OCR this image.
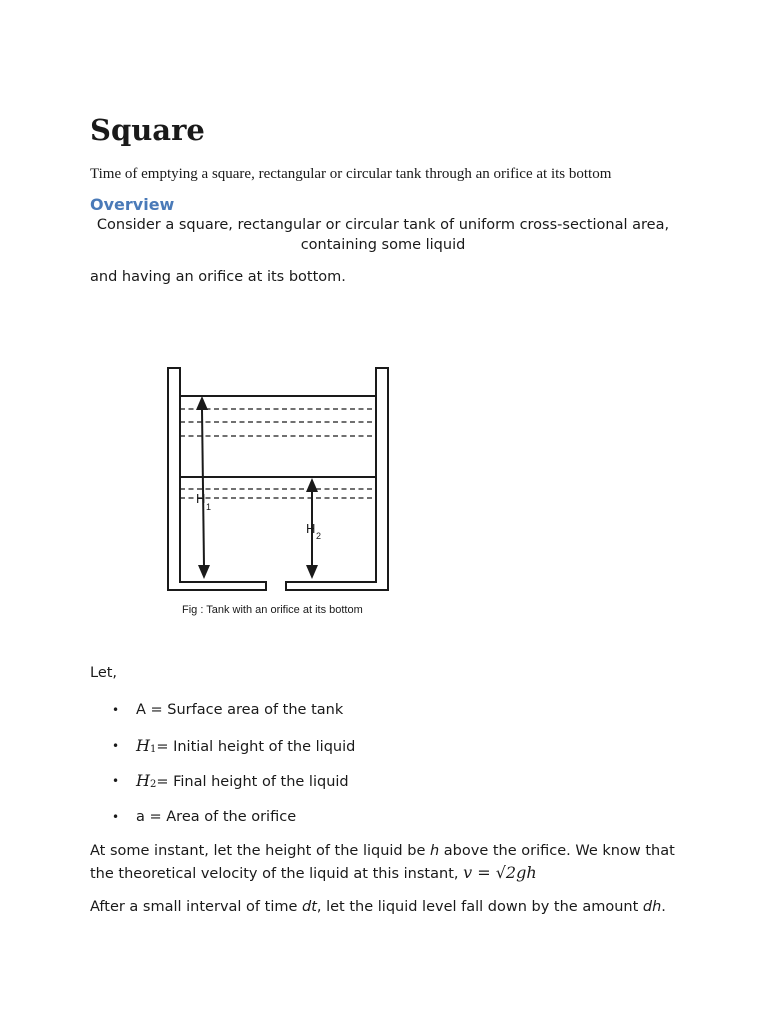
Square

Time of emptying a square, rectangular or circular tank through an orifice at its bottom

Overview

Consider a square, rectangular or circular tank of uniform cross-sectional area, containing some liquid

and having an orifice at its bottom.

H
1
H 2
Fig : Tank with an orifice at its bottom

Let,

• A = Surface area of the tank
• H1= Initial height of the liquid
• H2= Final height of the liquid
• a = Area of the orifice

At some instant, let the height of the liquid be h above the orifice. We know that the theoretical velocity of the liquid at this instant, v = √2gh

After a small interval of time dt, let the liquid level fall down by the amount dh.
